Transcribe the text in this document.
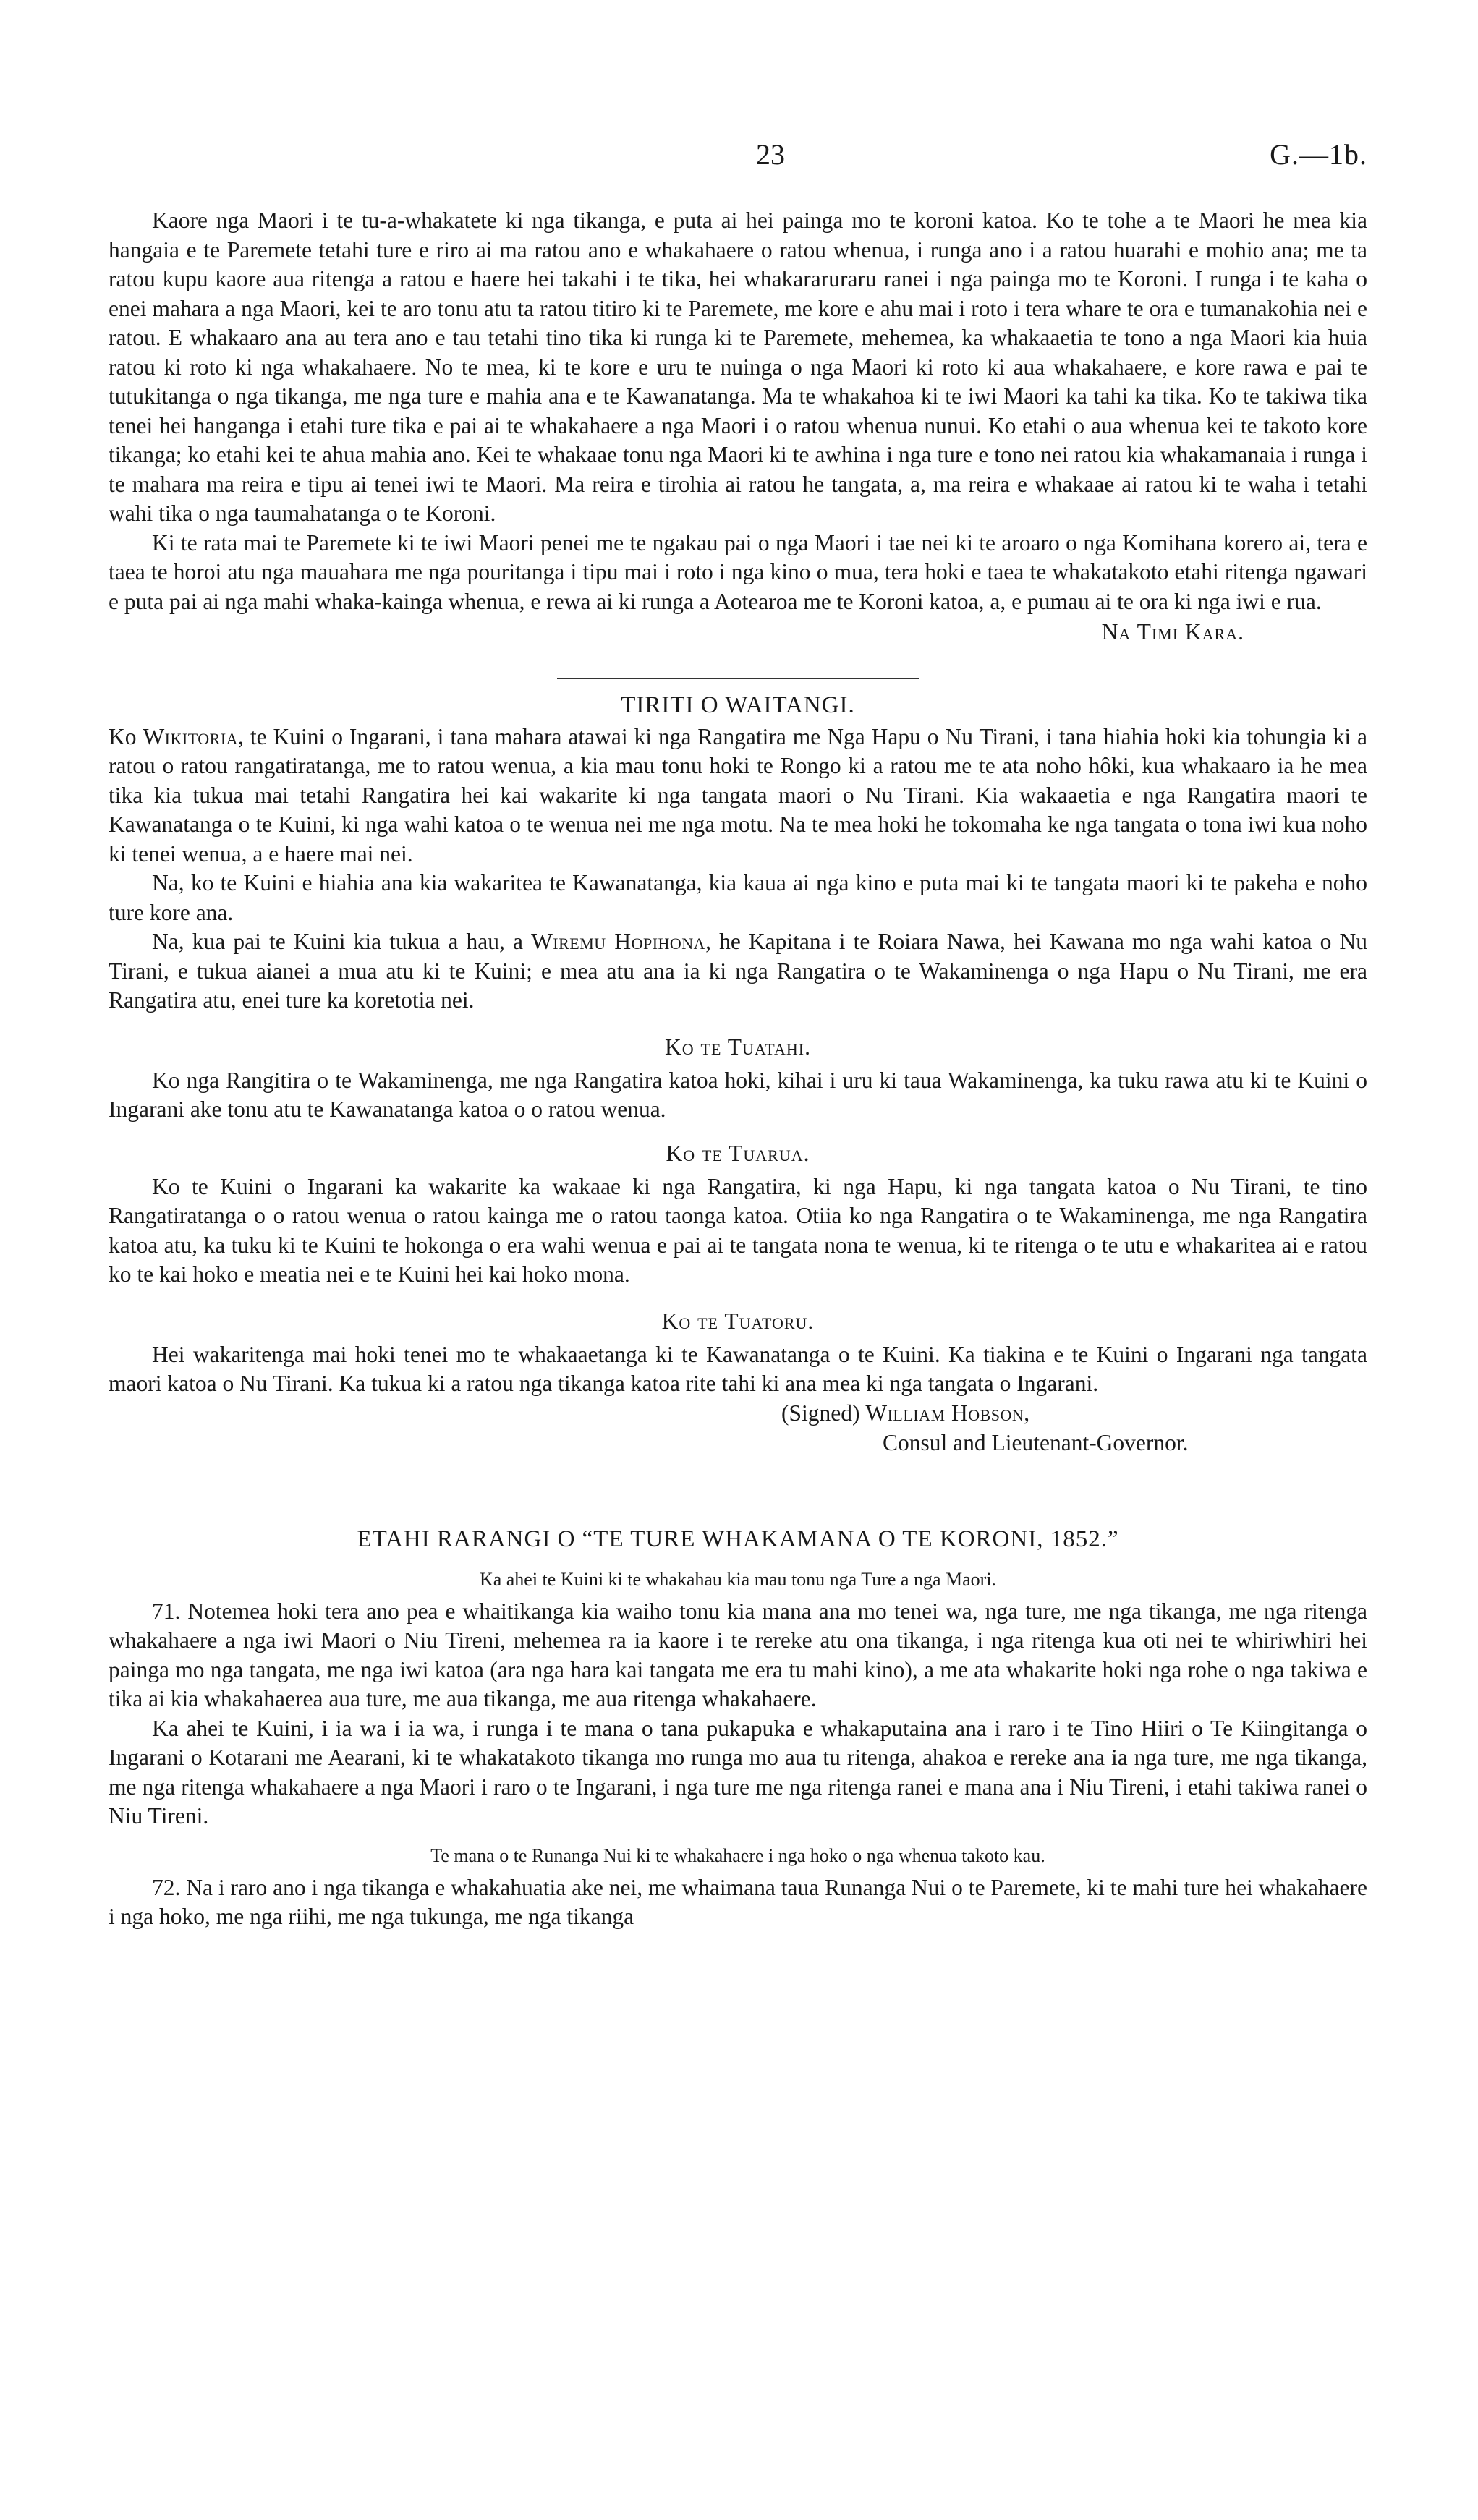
23	G.—1b.

Kaore nga Maori i te tu-a-whakatete ki nga tikanga, e puta ai hei painga mo te koroni katoa. Ko te tohe a te Maori he mea kia hangaia e te Paremete tetahi ture e riro ai ma ratou ano e whakahaere o ratou whenua, i runga ano i a ratou huarahi e mohio ana; me ta ratou kupu kaore aua ritenga a ratou e haere hei takahi i te tika, hei whakararuraru ranei i nga painga mo te Koroni. I runga i te kaha o enei mahara a nga Maori, kei te aro tonu atu ta ratou titiro ki te Paremete, me kore e ahu mai i roto i tera whare te ora e tumanakohia nei e ratou. E whakaaro ana au tera ano e tau tetahi tino tika ki runga ki te Paremete, mehemea, ka whakaaetia te tono a nga Maori kia huia ratou ki roto ki nga whakahaere. No te mea, ki te kore e uru te nuinga o nga Maori ki roto ki aua whakahaere, e kore rawa e pai te tutukitanga o nga tikanga, me nga ture e mahia ana e te Kawanatanga. Ma te whakahoa ki te iwi Maori ka tahi ka tika. Ko te takiwa tika tenei hei hanganga i etahi ture tika e pai ai te whakahaere a nga Maori i o ratou whenua nunui. Ko etahi o aua whenua kei te takoto kore tikanga; ko etahi kei te ahua mahia ano. Kei te whakaae tonu nga Maori ki te awhina i nga ture e tono nei ratou kia whakamanaia i runga i te mahara ma reira e tipu ai tenei iwi te Maori. Ma reira e tirohia ai ratou he tangata, a, ma reira e whakaae ai ratou ki te waha i tetahi wahi tika o nga taumahatanga o te Koroni.

Ki te rata mai te Paremete ki te iwi Maori penei me te ngakau pai o nga Maori i tae nei ki te aroaro o nga Komihana korero ai, tera e taea te horoi atu nga mauahara me nga pouritanga i tipu mai i roto i nga kino o mua, tera hoki e taea te whakatakoto etahi ritenga ngawari e puta pai ai nga mahi whaka-kainga whenua, e rewa ai ki runga a Aotearoa me te Koroni katoa, a, e pumau ai te ora ki nga iwi e rua.

Na Timi Kara.
TIRITI O WAITANGI.

Ko Wikitoria, te Kuini o Ingarani, i tana mahara atawai ki nga Rangatira me Nga Hapu o Nu Tirani, i tana hiahia hoki kia tohungia ki a ratou o ratou rangatiratanga, me to ratou wenua, a kia mau tonu hoki te Rongo ki a ratou me te ata noho hôki, kua whakaaro ia he mea tika kia tukua mai tetahi Rangatira hei kai wakarite ki nga tangata maori o Nu Tirani. Kia wakaaetia e nga Rangatira maori te Kawanatanga o te Kuini, ki nga wahi katoa o te wenua nei me nga motu. Na te mea hoki he tokomaha ke nga tangata o tona iwi kua noho ki tenei wenua, a e haere mai nei.

Na, ko te Kuini e hiahia ana kia wakaritea te Kawanatanga, kia kaua ai nga kino e puta mai ki te tangata maori ki te pakeha e noho ture kore ana.

Na, kua pai te Kuini kia tukua a hau, a Wiremu Hopihona, he Kapitana i te Roiara Nawa, hei Kawana mo nga wahi katoa o Nu Tirani, e tukua aianei a mua atu ki te Kuini; e mea atu ana ia ki nga Rangatira o te Wakaminenga o nga Hapu o Nu Tirani, me era Rangatira atu, enei ture ka koretotia nei.

Ko te Tuatahi.

Ko nga Rangitira o te Wakaminenga, me nga Rangatira katoa hoki, kihai i uru ki taua Wakaminenga, ka tuku rawa atu ki te Kuini o Ingarani ake tonu atu te Kawanatanga katoa o o ratou wenua.

Ko te Tuarua.

Ko te Kuini o Ingarani ka wakarite ka wakaae ki nga Rangatira, ki nga Hapu, ki nga tangata katoa o Nu Tirani, te tino Rangatiratanga o o ratou wenua o ratou kainga me o ratou taonga katoa. Otiia ko nga Rangatira o te Wakaminenga, me nga Rangatira katoa atu, ka tuku ki te Kuini te hokonga o era wahi wenua e pai ai te tangata nona te wenua, ki te ritenga o te utu e whakaritea ai e ratou ko te kai hoko e meatia nei e te Kuini hei kai hoko mona.

Ko te Tuatoru.

Hei wakaritenga mai hoki tenei mo te whakaaetanga ki te Kawanatanga o te Kuini. Ka tiakina e te Kuini o Ingarani nga tangata maori katoa o Nu Tirani. Ka tukua ki a ratou nga tikanga katoa rite tahi ki ana mea ki nga tangata o Ingarani.

(Signed) William Hobson,
Consul and Lieutenant-Governor.
ETAHI RARANGI O “TE TURE WHAKAMANA O TE KORONI, 1852.”
Ka ahei te Kuini ki te whakahau kia mau tonu nga Ture a nga Maori.

71. Notemea hoki tera ano pea e whaitikanga kia waiho tonu kia mana ana mo tenei wa, nga ture, me nga tikanga, me nga ritenga whakahaere a nga iwi Maori o Niu Tireni, mehemea ra ia kaore i te rereke atu ona tikanga, i nga ritenga kua oti nei te whiriwhiri hei painga mo nga tangata, me nga iwi katoa (ara nga hara kai tangata me era tu mahi kino), a me ata whakarite hoki nga rohe o nga takiwa e tika ai kia whakahaerea aua ture, me aua tikanga, me aua ritenga whakahaere.

Ka ahei te Kuini, i ia wa i ia wa, i runga i te mana o tana pukapuka e whakaputaina ana i raro i te Tino Hiiri o Te Kiingitanga o Ingarani o Kotarani me Aearani, ki te whakatakoto tikanga mo runga mo aua tu ritenga, ahakoa e rereke ana ia nga ture, me nga tikanga, me nga ritenga whakahaere a nga Maori i raro o te Ingarani, i nga ture me nga ritenga ranei e mana ana i Niu Tireni, i etahi takiwa ranei o Niu Tireni.

Te mana o te Runanga Nui ki te whakahaere i nga hoko o nga whenua takoto kau.

72. Na i raro ano i nga tikanga e whakahuatia ake nei, me whaimana taua Runanga Nui o te Paremete, ki te mahi ture hei whakahaere i nga hoko, me nga riihi, me nga tukunga, me nga tikanga
